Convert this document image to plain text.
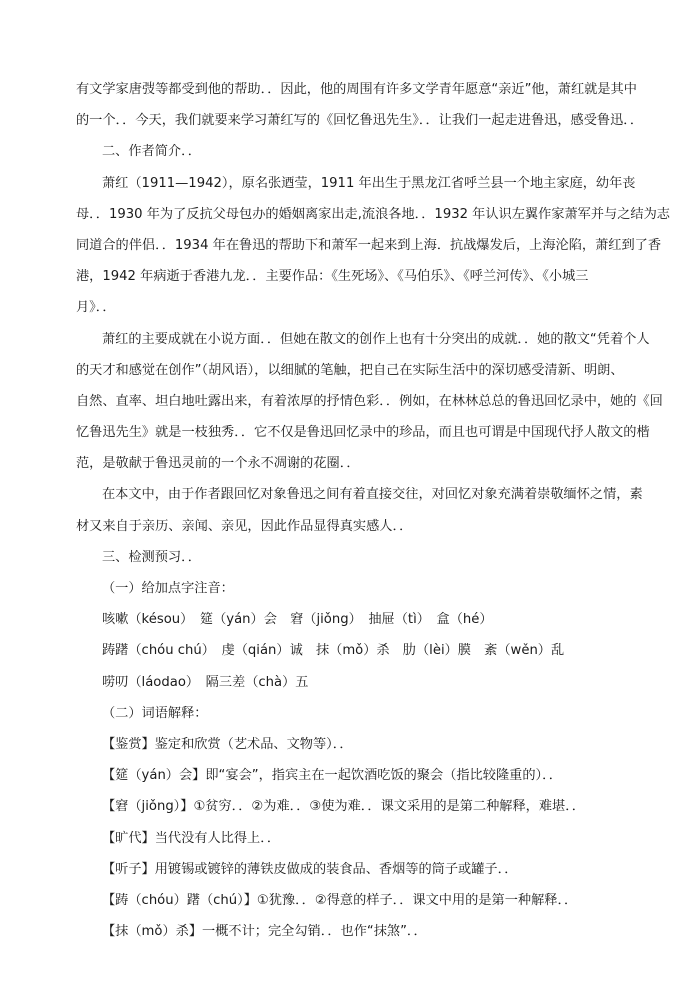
有文学家唐弢等都受到他的帮助．．因此，他的周围有许多文学青年愿意“亲近”他，萧红就是其中
的一个．．今天，我们就要来学习萧红写的《回忆鲁迅先生》．．让我们一起走进鲁迅，感受鲁迅．．
二、作者简介．．
萧红（1911—1942），原名张迺莹，1911 年出生于黑龙江省呼兰县一个地主家庭，幼年丧
母．．1930 年为了反抗父母包办的婚姻离家出走,流浪各地．．1932 年认识左翼作家萧军并与之结为志
同道合的伴侣．．1934 年在鲁迅的帮助下和萧军一起来到上海．抗战爆发后，上海沦陷，萧红到了香
港，1942 年病逝于香港九龙．．主要作品：《生死场》、《马伯乐》、《呼兰河传》、《小城三
月》．．
萧红的主要成就在小说方面．．但她在散文的创作上也有十分突出的成就．．她的散文“凭着个人
的天才和感觉在创作”（胡风语），以细腻的笔触，把自己在实际生活中的深切感受清新、明朗、
自然、直率、坦白地吐露出来，有着浓厚的抒情色彩．．例如，在林林总总的鲁迅回忆录中，她的《回
忆鲁迅先生》就是一枝独秀．．它不仅是鲁迅回忆录中的珍品，而且也可谓是中国现代抒人散文的楷
范，是敬献于鲁迅灵前的一个永不凋谢的花圈．．
在本文中，由于作者跟回忆对象鲁迅之间有着直接交往，对回忆对象充满着崇敬缅怀之情，素
材又来自于亲历、亲闻、亲见，因此作品显得真实感人．．
三、检测预习．．
（一）给加点字注音：
咳嗽（késou）　筵（yán）会　窘（jiǒng）　抽屉（tì）　盒（hé）
踌躇（chóu chú）　虔（qián）诚　抹（mǒ）杀　肋（lèi）膜　紊（wěn）乱
唠叨（láodao）　隔三差（chà）五
（二）词语解释：
【鉴赏】鉴定和欣赏（艺术品、文物等）．．
【筵（yán）会】即“宴会”，指宾主在一起饮酒吃饭的聚会（指比较隆重的）．．
【窘（jiǒng）】①贫穷．．②为难．．③使为难．．课文采用的是第二种解释，难堪．．
【旷代】当代没有人比得上．．
【听子】用镀锡或镀锌的薄铁皮做成的装食品、香烟等的筒子或罐子．．
【踌（chóu）躇（chú）】①犹豫．．②得意的样子．．课文中用的是第一种解释．．
【抹（mǒ）杀】一概不计；完全勾销．．也作“抹煞”．．
